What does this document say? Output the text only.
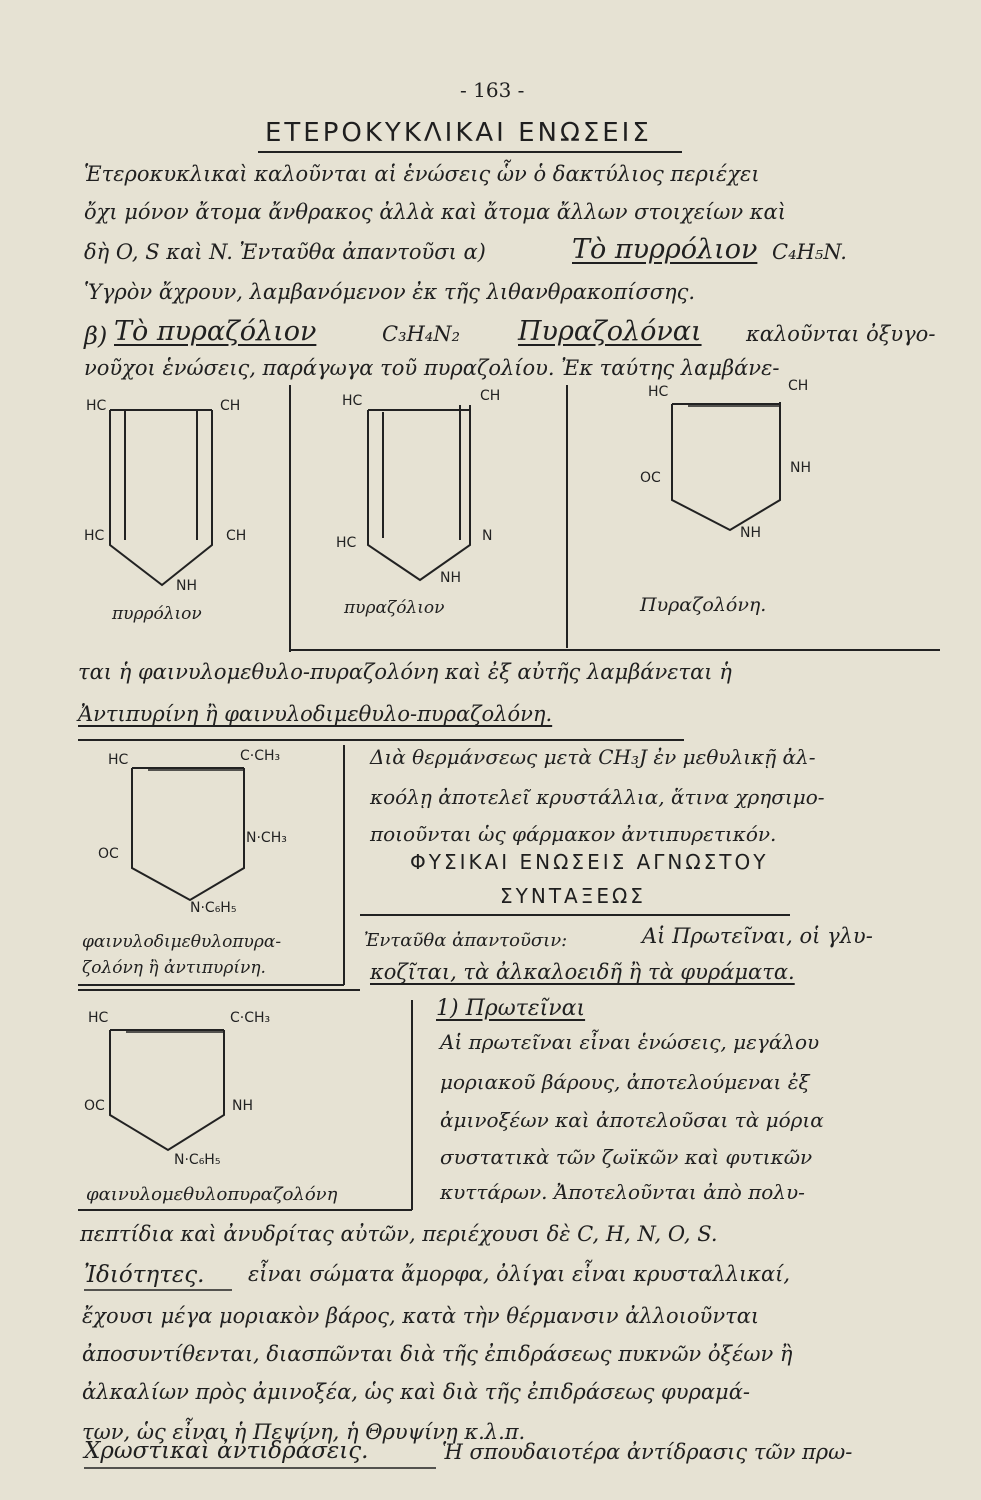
- 163 -
ΕΤΕΡΟΚΥΚΛΙΚΑΙ ΕΝΩΣΕΙΣ
Ἑτεροκυκλικαὶ καλοῦνται αἱ ἑνώσεις ὧν ὁ δακτύλιος περιέχει
ὄχι μόνον ἄτομα ἄνθρακος ἀλλὰ καὶ ἄτομα ἄλλων στοιχείων καὶ
δὴ O, S καὶ N. Ἐνταῦθα ἀπαντοῦσι α)	Τὸ πυρρόλιον C₄H₅N.
Ὑγρὸν ἄχρουν, λαμβανόμενον ἐκ τῆς λιθανθρακοπίσσης.
β) Τὸ πυραζόλιον	C₃H₄N₂ Πυραζολόναι καλοῦνται ὀξυγο-
νοῦχοι ἑνώσεις, παράγωγα τοῦ πυραζολίου. Ἐκ ταύτης λαμβάνε-
HC	CH
HC	CH
NH
πυρρόλιον
HC	CH
HC	N
NH
πυραζόλιον
HC	CH
OC
NH
NH
Πυραζολόνη.
ται ἡ φαινυλομεθυλο-πυραζολόνη καὶ ἐξ αὐτῆς λαμβάνεται ἡ
Ἀντιπυρίνη ἢ φαινυλοδιμεθυλο-πυραζολόνη.
HC	C·CH₃
OC
N·CH₃
N·C₆H₅
φαινυλοδιμεθυλοπυρα-
ζολόνη ἢ ἀντιπυρίνη.
Διὰ θερμάνσεως μετὰ CH₃J ἐν μεθυλικῇ ἀλ-
κοόλῃ ἀποτελεῖ κρυστάλλια, ἅτινα χρησιμο-
ποιοῦνται ὡς φάρμακον ἀντιπυρετικόν.
ΦΥΣΙΚΑΙ ΕΝΩΣΕΙΣ ΑΓΝΩΣΤΟΥ
ΣΥΝΤΑΞΕΩΣ
Ἐνταῦθα ἀπαντοῦσιν:	Αἱ Πρωτεῖναι, οἱ γλυ-
κοζῖται, τὰ ἀλκαλοειδῆ ἢ τὰ φυράματα.
1) Πρωτεῖναι
HC	C·CH₃
OC	NH
N·C₆H₅
φαινυλομεθυλοπυραζολόνη
Αἱ πρωτεῖναι εἶναι ἑνώσεις, μεγάλου
μοριακοῦ βάρους, ἀποτελούμεναι ἐξ
ἀμινοξέων καὶ ἀποτελοῦσαι τὰ μόρια
συστατικὰ τῶν ζωϊκῶν καὶ φυτικῶν
κυττάρων. Ἀποτελοῦνται ἀπὸ πολυ-
πεπτίδια καὶ ἀνυδρίτας αὐτῶν, περιέχουσι δὲ C, H, N, O, S.
Ἰδιότητες. εἶναι σώματα ἄμορφα, ὀλίγαι εἶναι κρυσταλλικαί,
ἔχουσι μέγα μοριακὸν βάρος, κατὰ τὴν θέρμανσιν ἀλλοιοῦνται
ἀποσυντίθενται, διασπῶνται διὰ τῆς ἐπιδράσεως πυκνῶν ὀξέων ἢ
ἀλκαλίων πρὸς ἀμινοξέα, ὡς καὶ διὰ τῆς ἐπιδράσεως φυραμά-
των, ὡς εἶναι ἡ Πεψίνη, ἡ Θρυψίνη κ.λ.π.
Χρωστικαὶ ἀντιδράσεις.	Ἡ σπουδαιοτέρα ἀντίδρασις τῶν πρω-
